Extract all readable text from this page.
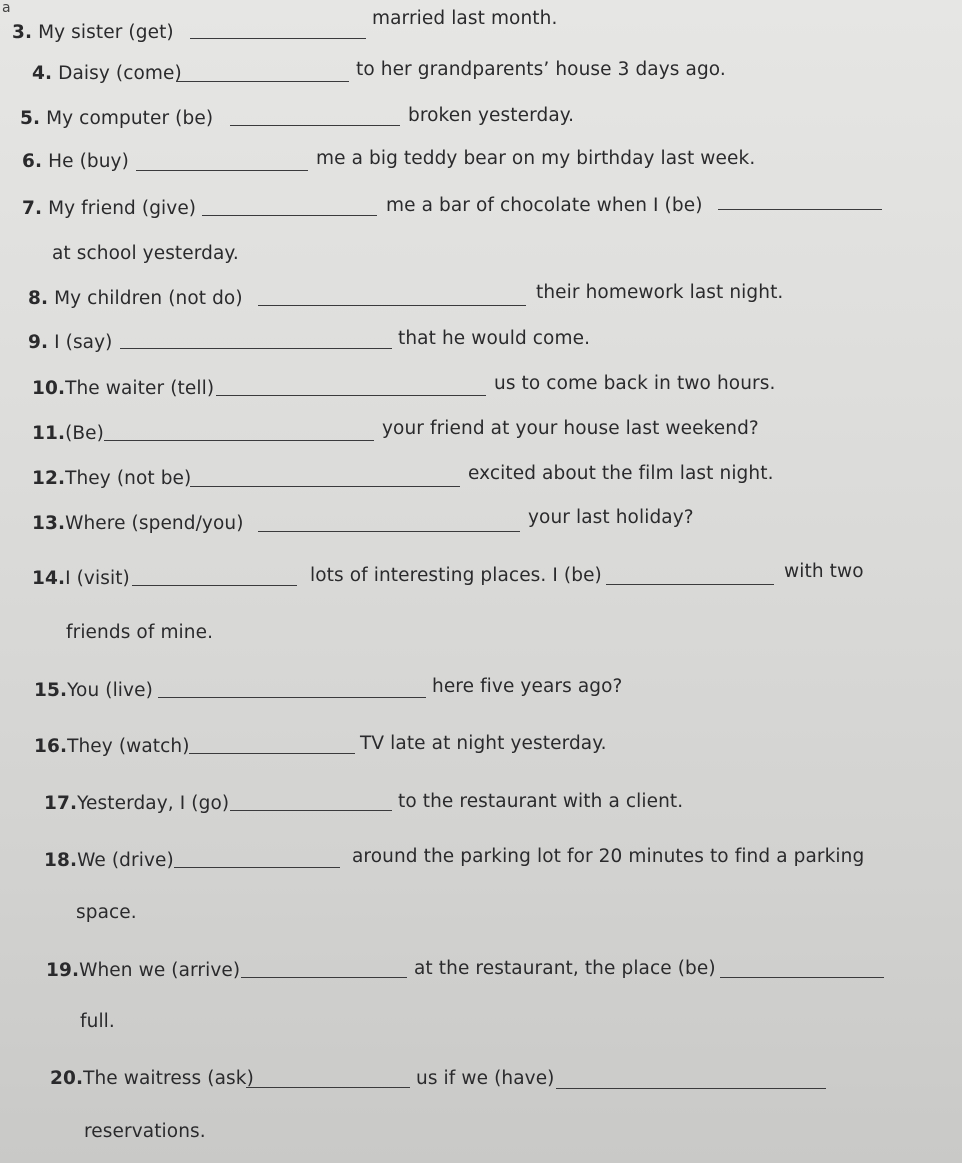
a
3. My sister (get)
married last month.
4. Daisy (come)	to her grandparents’ house 3 days ago.
5. My computer (be)	broken yesterday.
6. He (buy)	me a big teddy bear on my birthday last week.
7. My friend (give)	me a bar of chocolate when I (be)
at school yesterday.
8. My children (not do)	their homework last night.
9. I (say)	that he would come.
10.The waiter (tell)	us to come back in two hours.
11.(Be)	your friend at your house last weekend?
12.They (not be)	excited about the film last night.
13.Where (spend/you)	your last holiday?
14.I (visit)	lots of interesting places. I (be)	with two
friends of mine.
15.You (live)	here five years ago?
16.They (watch)	TV late at night yesterday.
17.Yesterday, I (go)	to the restaurant with a client.
18.We (drive)	around the parking lot for 20 minutes to find a parking
space.
19.When we (arrive)	at the restaurant, the place (be)
full.
20.The waitress (ask)	us if we (have)
reservations.
